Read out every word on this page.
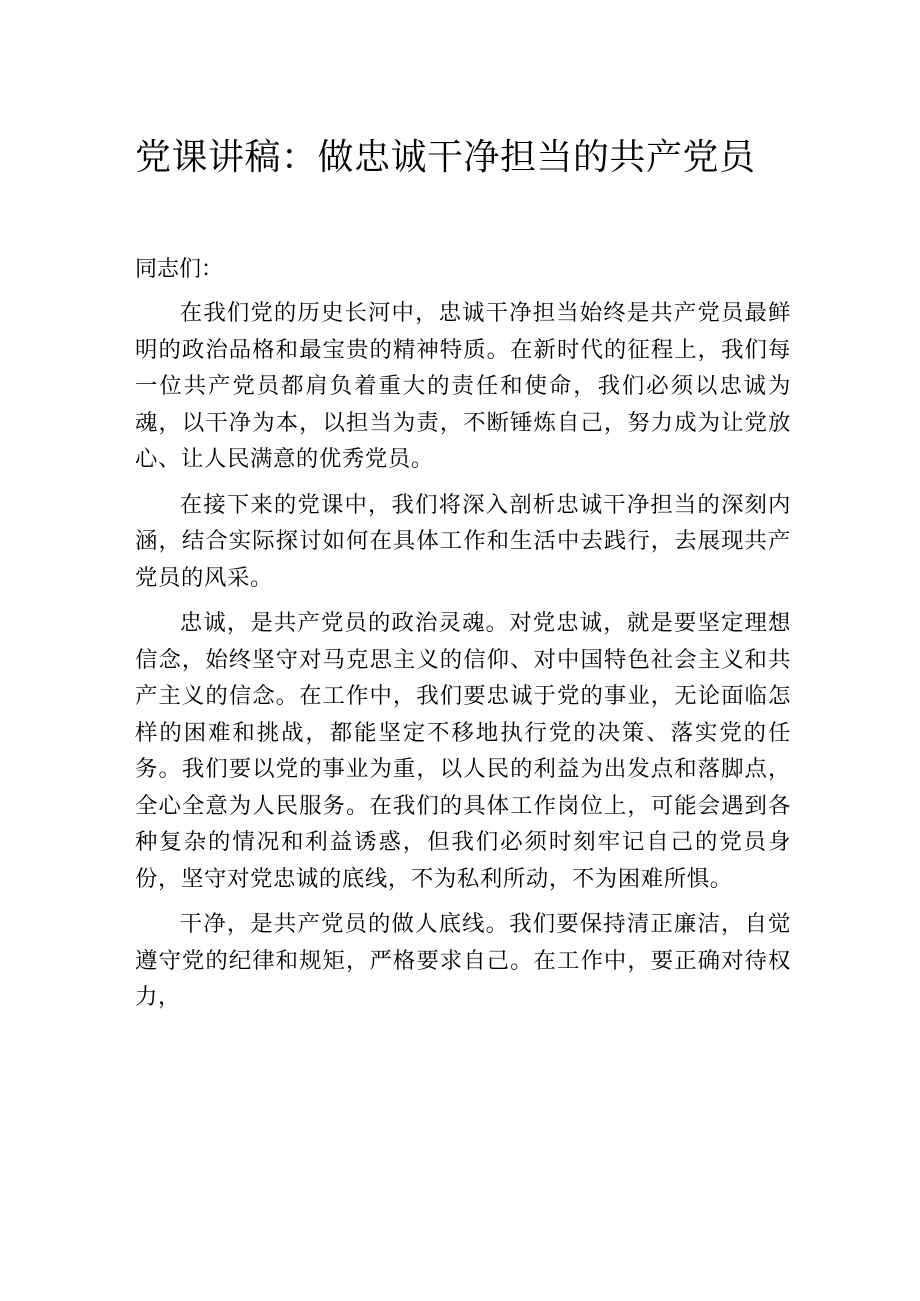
党课讲稿：做忠诚干净担当的共产党员

同志们：

在我们党的历史长河中，忠诚干净担当始终是共产党员最鲜明的政治品格和最宝贵的精神特质。在新时代的征程上，我们每一位共产党员都肩负着重大的责任和使命，我们必须以忠诚为魂，以干净为本，以担当为责，不断锤炼自己，努力成为让党放心、让人民满意的优秀党员。

在接下来的党课中，我们将深入剖析忠诚干净担当的深刻内涵，结合实际探讨如何在具体工作和生活中去践行，去展现共产党员的风采。

忠诚，是共产党员的政治灵魂。对党忠诚，就是要坚定理想信念，始终坚守对马克思主义的信仰、对中国特色社会主义和共产主义的信念。在工作中，我们要忠诚于党的事业，无论面临怎样的困难和挑战，都能坚定不移地执行党的决策、落实党的任务。我们要以党的事业为重，以人民的利益为出发点和落脚点，全心全意为人民服务。在我们的具体工作岗位上，可能会遇到各种复杂的情况和利益诱惑，但我们必须时刻牢记自己的党员身份，坚守对党忠诚的底线，不为私利所动，不为困难所惧。

干净，是共产党员的做人底线。我们要保持清正廉洁，自觉遵守党的纪律和规矩，严格要求自己。在工作中，要正确对待权力，
